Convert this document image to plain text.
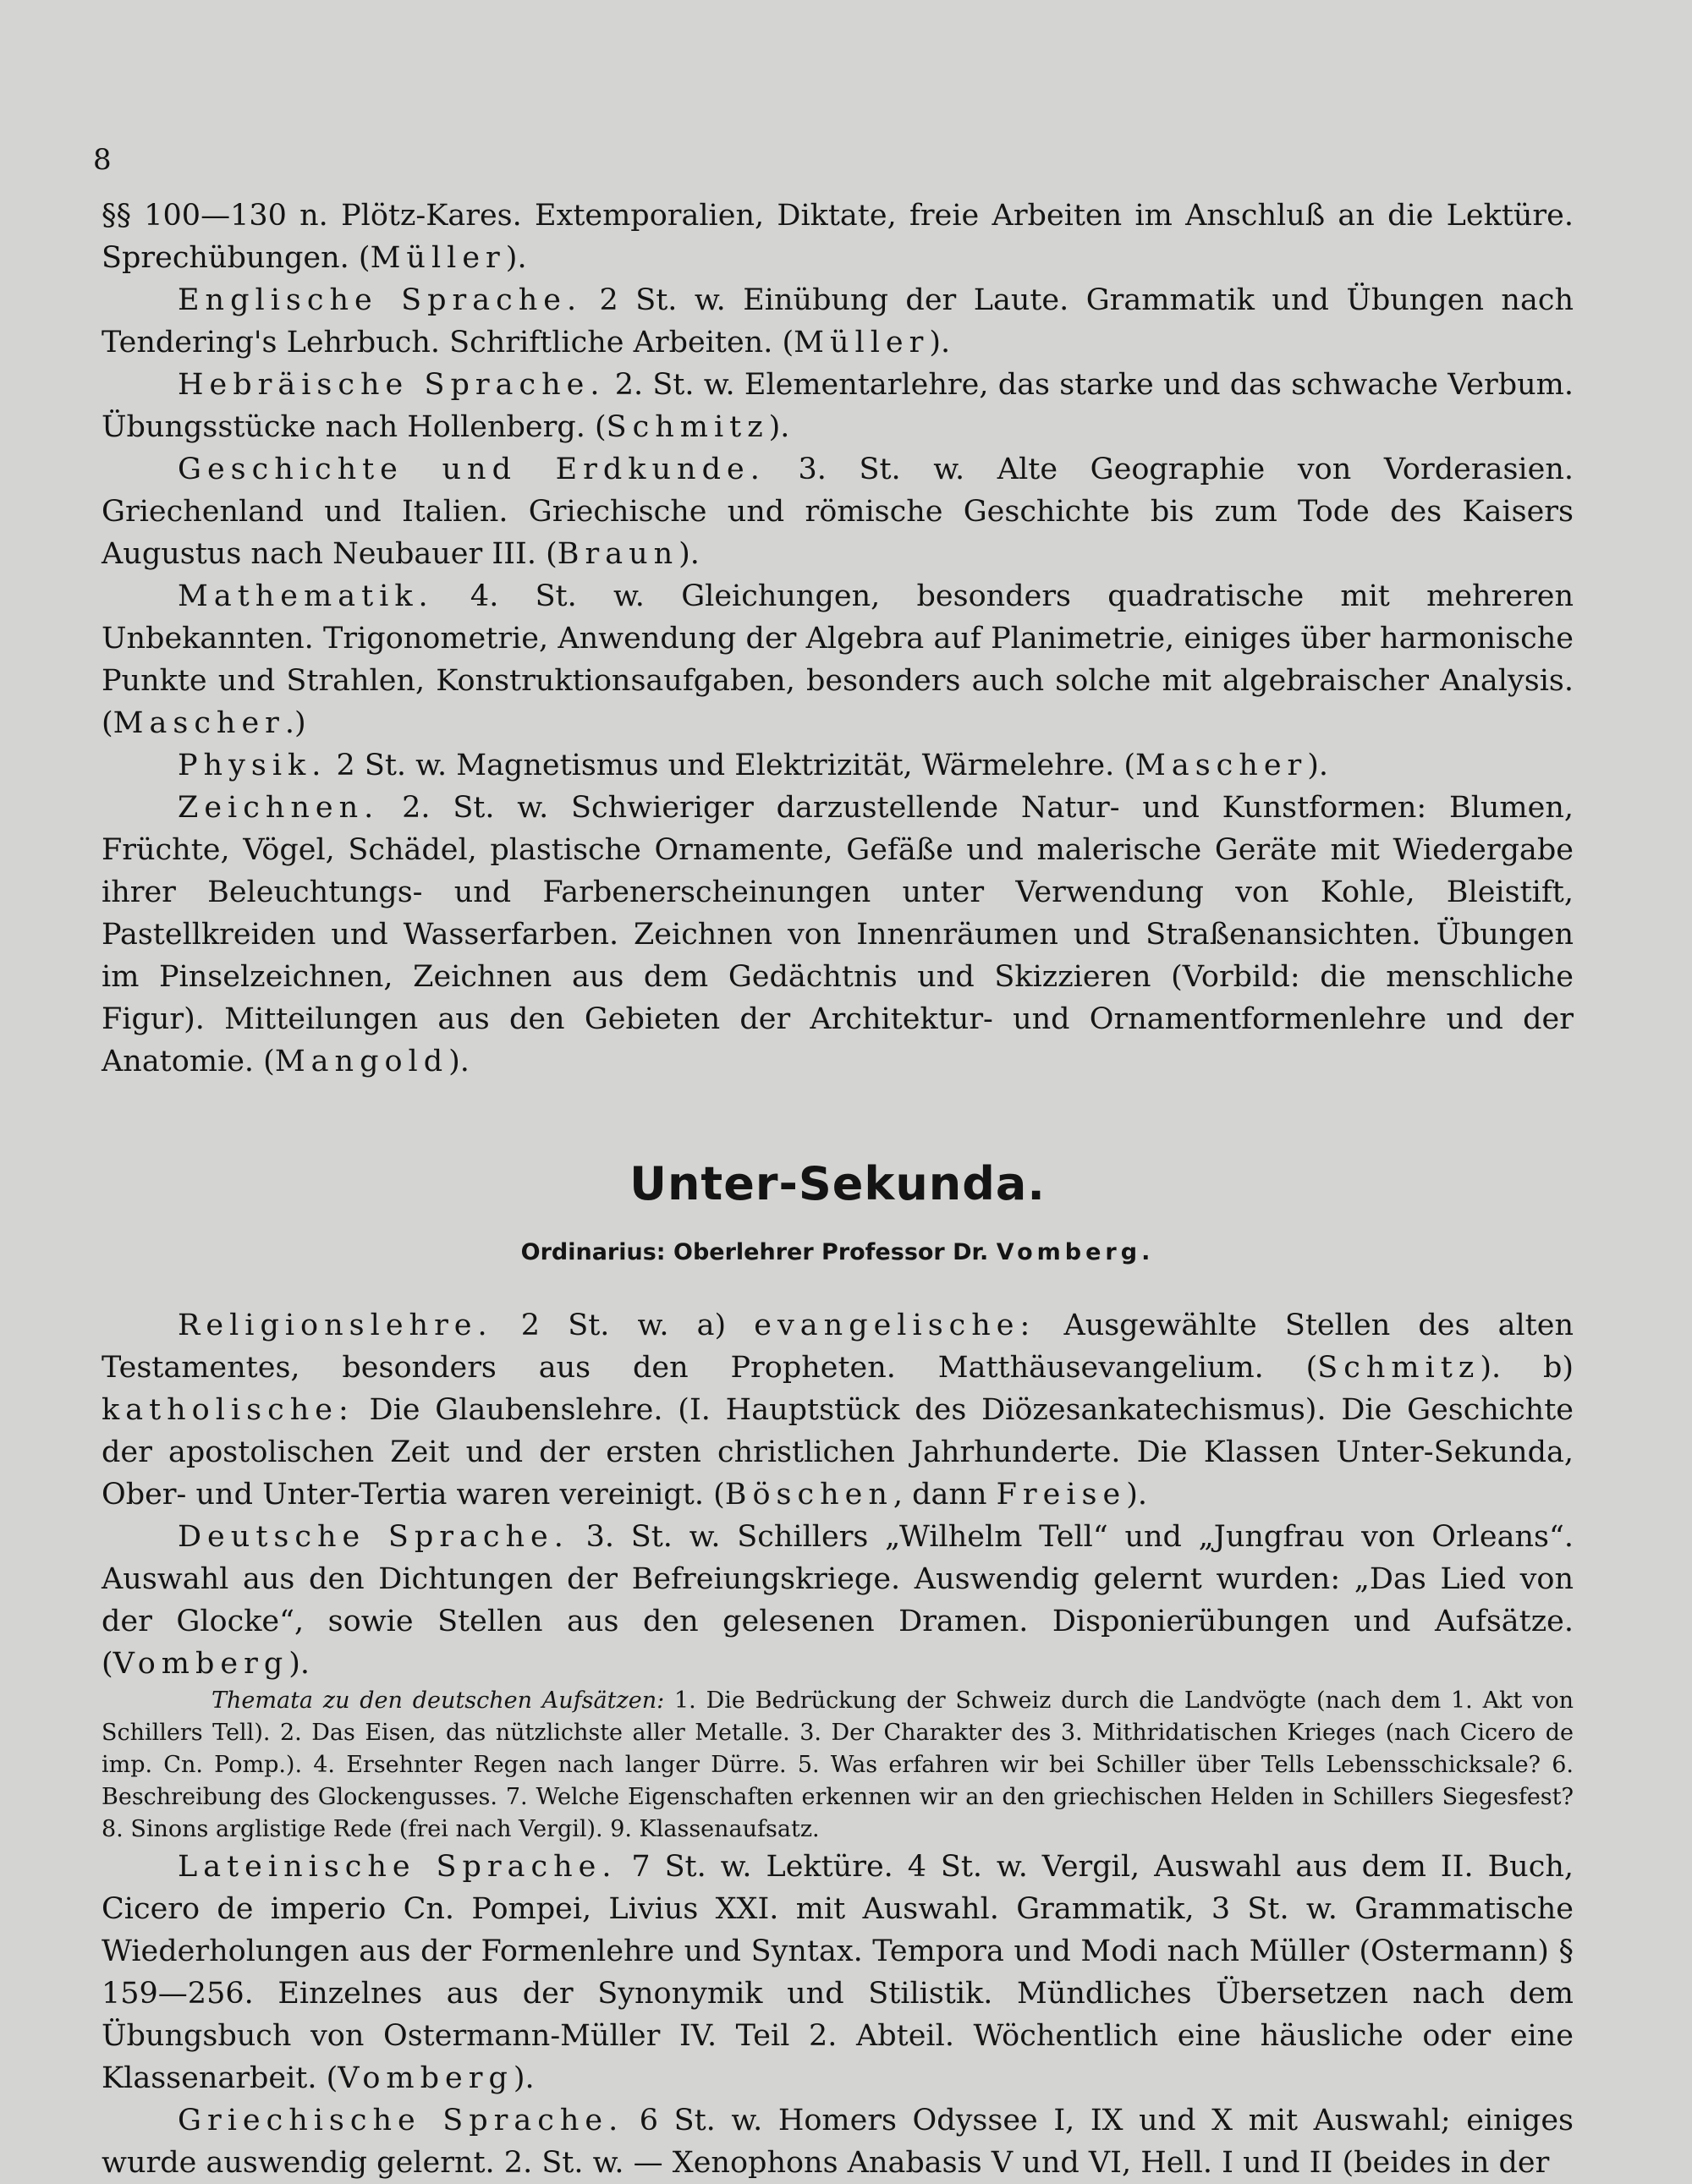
8

§§ 100—130 n. Plötz-Kares. Extemporalien, Diktate, freie Arbeiten im Anschluß an die Lektüre. Sprechübungen. (Müller).

Englische Sprache. 2 St. w. Einübung der Laute. Grammatik und Übungen nach Tendering's Lehrbuch. Schriftliche Arbeiten. (Müller).

Hebräische Sprache. 2. St. w. Elementarlehre, das starke und das schwache Verbum. Übungsstücke nach Hollenberg. (Schmitz).

Geschichte und Erdkunde. 3. St. w. Alte Geographie von Vorderasien. Griechenland und Italien. Griechische und römische Geschichte bis zum Tode des Kaisers Augustus nach Neubauer III. (Braun).

Mathematik. 4. St. w. Gleichungen, besonders quadratische mit mehreren Unbekannten. Trigonometrie, Anwendung der Algebra auf Planimetrie, einiges über harmonische Punkte und Strahlen, Konstruktionsaufgaben, besonders auch solche mit algebraischer Analysis. (Mascher.)

Physik. 2 St. w. Magnetismus und Elektrizität, Wärmelehre. (Mascher).

Zeichnen. 2. St. w. Schwieriger darzustellende Natur- und Kunstformen: Blumen, Früchte, Vögel, Schädel, plastische Ornamente, Gefäße und malerische Geräte mit Wiedergabe ihrer Beleuchtungs- und Farbenerscheinungen unter Verwendung von Kohle, Bleistift, Pastellkreiden und Wasserfarben. Zeichnen von Innenräumen und Straßenansichten. Übungen im Pinselzeichnen, Zeichnen aus dem Gedächtnis und Skizzieren (Vorbild: die menschliche Figur). Mitteilungen aus den Gebieten der Architektur- und Ornamentformenlehre und der Anatomie. (Mangold).

Unter-Sekunda.
Ordinarius: Oberlehrer Professor Dr. Vomberg.

Religionslehre. 2 St. w. a) evangelische: Ausgewählte Stellen des alten Testamentes, besonders aus den Propheten. Matthäusevangelium. (Schmitz). b) katholische: Die Glaubenslehre. (I. Hauptstück des Diözesankatechismus). Die Geschichte der apostolischen Zeit und der ersten christlichen Jahrhunderte. Die Klassen Unter-Sekunda, Ober- und Unter-Tertia waren vereinigt. (Böschen, dann Freise).

Deutsche Sprache. 3. St. w. Schillers „Wilhelm Tell“ und „Jungfrau von Orleans“. Auswahl aus den Dichtungen der Befreiungskriege. Auswendig gelernt wurden: „Das Lied von der Glocke“, sowie Stellen aus den gelesenen Dramen. Disponierübungen und Aufsätze. (Vomberg).

Themata zu den deutschen Aufsätzen: 1. Die Bedrückung der Schweiz durch die Landvögte (nach dem 1. Akt von Schillers Tell). 2. Das Eisen, das nützlichste aller Metalle. 3. Der Charakter des 3. Mithridatischen Krieges (nach Cicero de imp. Cn. Pomp.). 4. Ersehnter Regen nach langer Dürre. 5. Was erfahren wir bei Schiller über Tells Lebensschicksale? 6. Beschreibung des Glockengusses. 7. Welche Eigenschaften erkennen wir an den griechischen Helden in Schillers Siegesfest? 8. Sinons arglistige Rede (frei nach Vergil). 9. Klassenaufsatz.

Lateinische Sprache. 7 St. w. Lektüre. 4 St. w. Vergil, Auswahl aus dem II. Buch, Cicero de imperio Cn. Pompei, Livius XXI. mit Auswahl. Grammatik, 3 St. w. Grammatische Wiederholungen aus der Formenlehre und Syntax. Tempora und Modi nach Müller (Ostermann) § 159—256. Einzelnes aus der Synonymik und Stilistik. Mündliches Übersetzen nach dem Übungsbuch von Ostermann-Müller IV. Teil 2. Abteil. Wöchentlich eine häusliche oder eine Klassenarbeit. (Vomberg).

Griechische Sprache. 6 St. w. Homers Odyssee I, IX und X mit Auswahl; einiges wurde auswendig gelernt. 2. St. w. — Xenophons Anabasis V und VI, Hell. I und II (beides in der
